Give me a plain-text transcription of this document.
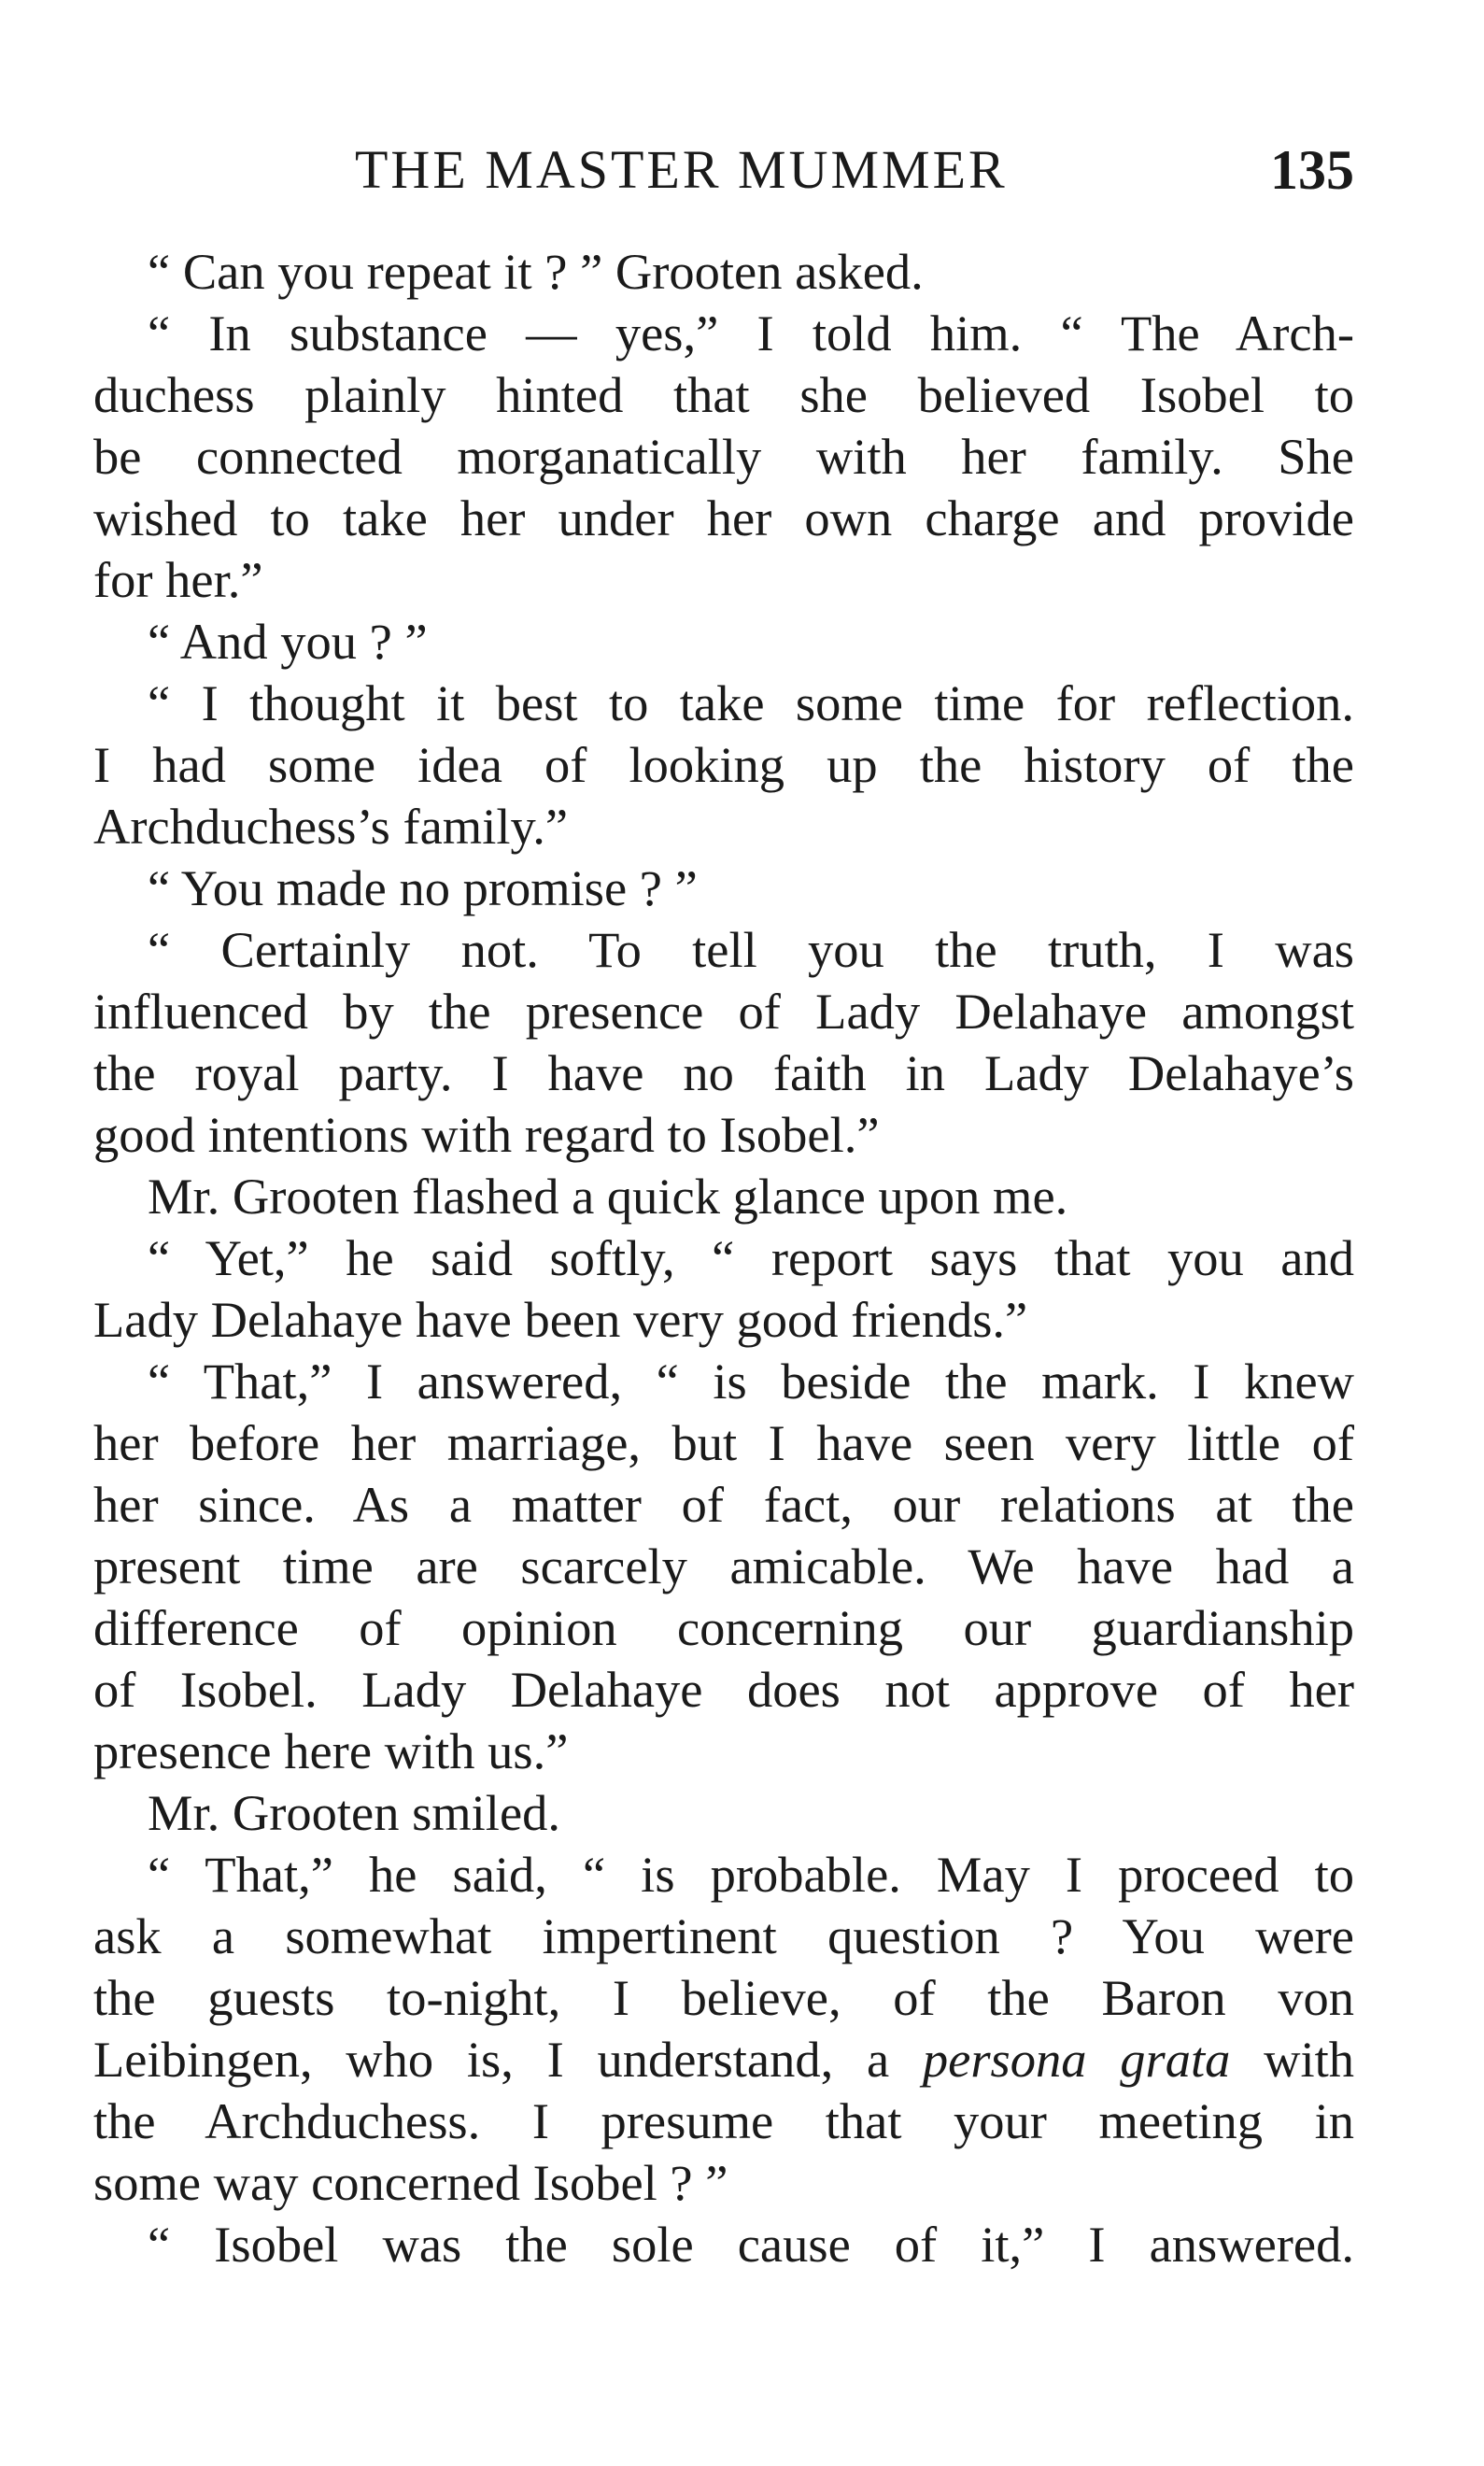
THE MASTER MUMMER	135
“ Can you repeat it ? ” Grooten asked.
“ In substance — yes,” I told him. “ The Arch-
duchess plainly hinted that she believed Isobel to
be connected morganatically with her family. She
wished to take her under her own charge and provide
for her.”
“ And you ? ”
“ I thought it best to take some time for reflection.
I had some idea of looking up the history of the
Archduchess’s family.”
“ You made no promise ? ”
“ Certainly not. To tell you the truth, I was
influenced by the presence of Lady Delahaye amongst
the royal party. I have no faith in Lady Delahaye’s
good intentions with regard to Isobel.”
Mr. Grooten flashed a quick glance upon me.
“ Yet,” he said softly, “ report says that you and
Lady Delahaye have been very good friends.”
“ That,” I answered, “ is beside the mark. I knew
her before her marriage, but I have seen very little of
her since. As a matter of fact, our relations at the
present time are scarcely amicable. We have had a
difference of opinion concerning our guardianship
of Isobel. Lady Delahaye does not approve of her
presence here with us.”
Mr. Grooten smiled.
“ That,” he said, “ is probable. May I proceed to
ask a somewhat impertinent question ? You were
the guests to-night, I believe, of the Baron von
Leibingen, who is, I understand, a persona grata with
the Archduchess. I presume that your meeting in
some way concerned Isobel ? ”
“ Isobel was the sole cause of it,” I answered.
